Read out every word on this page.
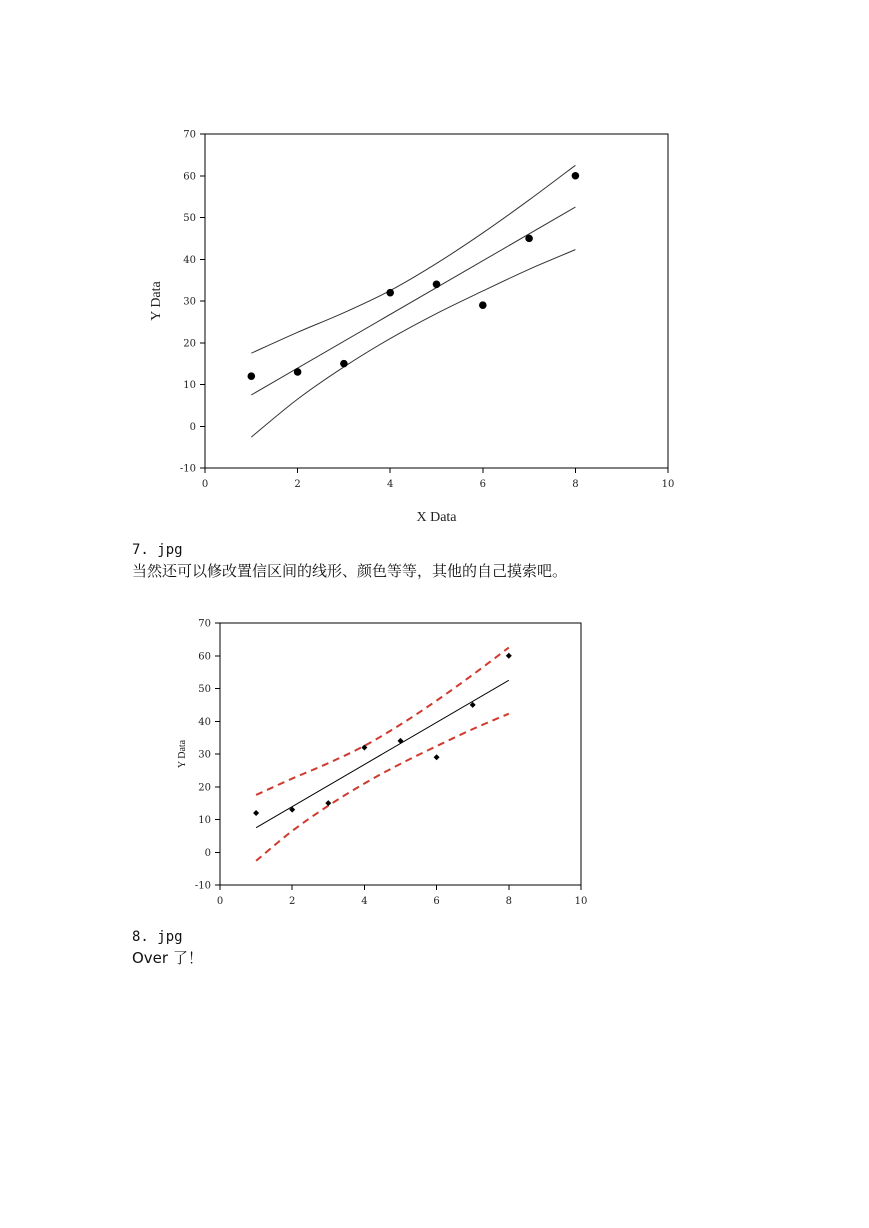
0	2	4	6	8	10
-10
0
10
20
30
40
50
60
70
X Data
Y Data
7. jpg
当然还可以修改置信区间的线形、颜色等等，其他的自己摸索吧。
0	2	4	6	8	10
-10
0
10
20
30
40
50
60
70
Y Data
8. jpg
Over 了！
